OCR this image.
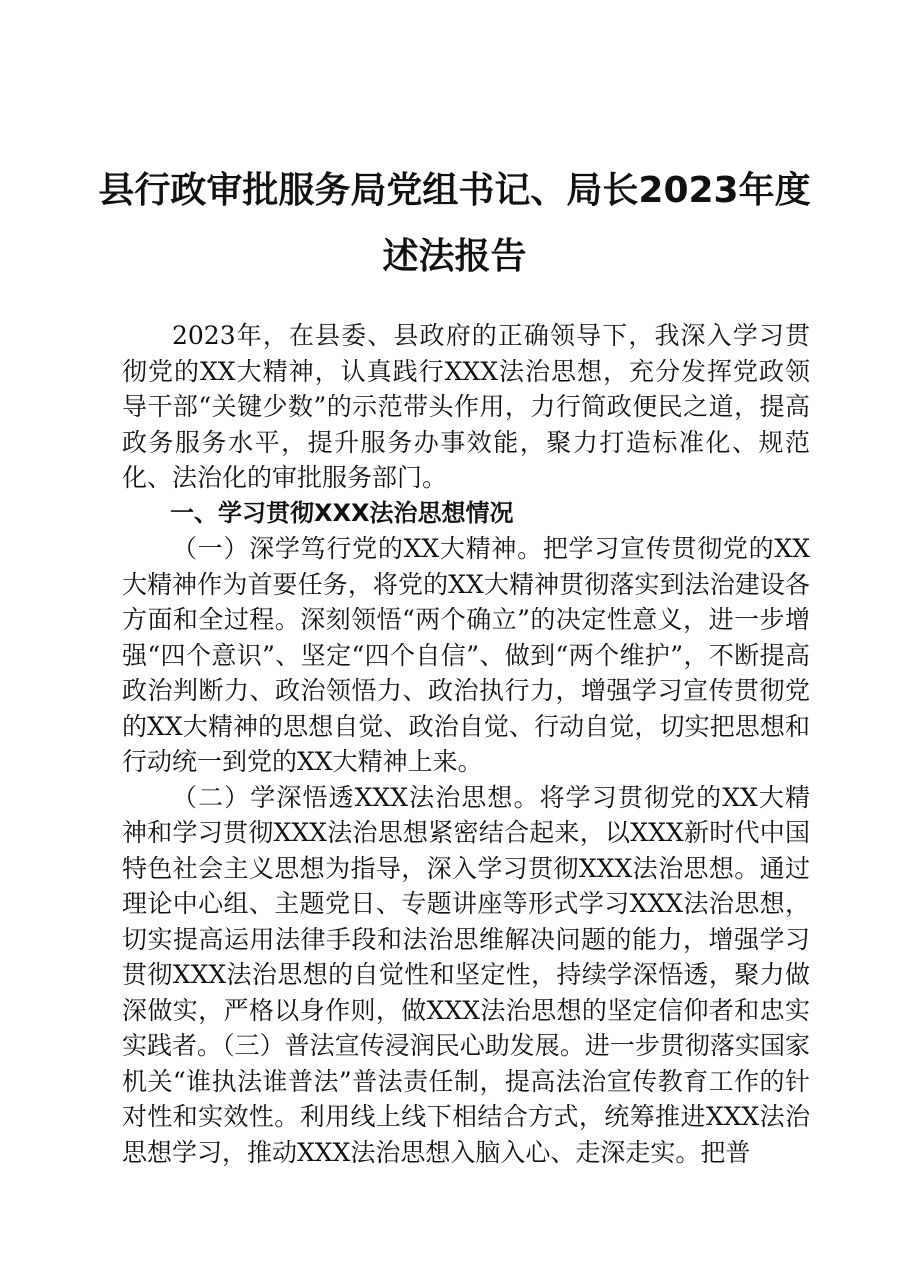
县行政审批服务局党组书记、局长2023年度
述法报告

2023年，在县委、县政府的正确领导下，我深入学习贯彻党的XX大精神，认真践行XXX法治思想，充分发挥党政领导干部“关键少数”的示范带头作用，力行简政便民之道，提高政务服务水平，提升服务办事效能，聚力打造标准化、规范化、法治化的审批服务部门。

一、学习贯彻XXX法治思想情况

（一）深学笃行党的XX大精神。把学习宣传贯彻党的XX大精神作为首要任务，将党的XX大精神贯彻落实到法治建设各方面和全过程。深刻领悟“两个确立”的决定性意义，进一步增强“四个意识”、坚定“四个自信”、做到“两个维护”，不断提高政治判断力、政治领悟力、政治执行力，增强学习宣传贯彻党的XX大精神的思想自觉、政治自觉、行动自觉，切实把思想和行动统一到党的XX大精神上来。

（二）学深悟透XXX法治思想。将学习贯彻党的XX大精神和学习贯彻XXX法治思想紧密结合起来，以XXX新时代中国特色社会主义思想为指导，深入学习贯彻XXX法治思想。通过理论中心组、主题党日、专题讲座等形式学习XXX法治思想，切实提高运用法律手段和法治思维解决问题的能力，增强学习贯彻XXX法治思想的自觉性和坚定性，持续学深悟透，聚力做深做实，严格以身作则，做XXX法治思想的坚定信仰者和忠实实践者。（三）普法宣传浸润民心助发展。进一步贯彻落实国家机关“谁执法谁普法”普法责任制，提高法治宣传教育工作的针对性和实效性。利用线上线下相结合方式，统筹推进XXX法治思想学习，推动XXX法治思想入脑入心、走深走实。把普
